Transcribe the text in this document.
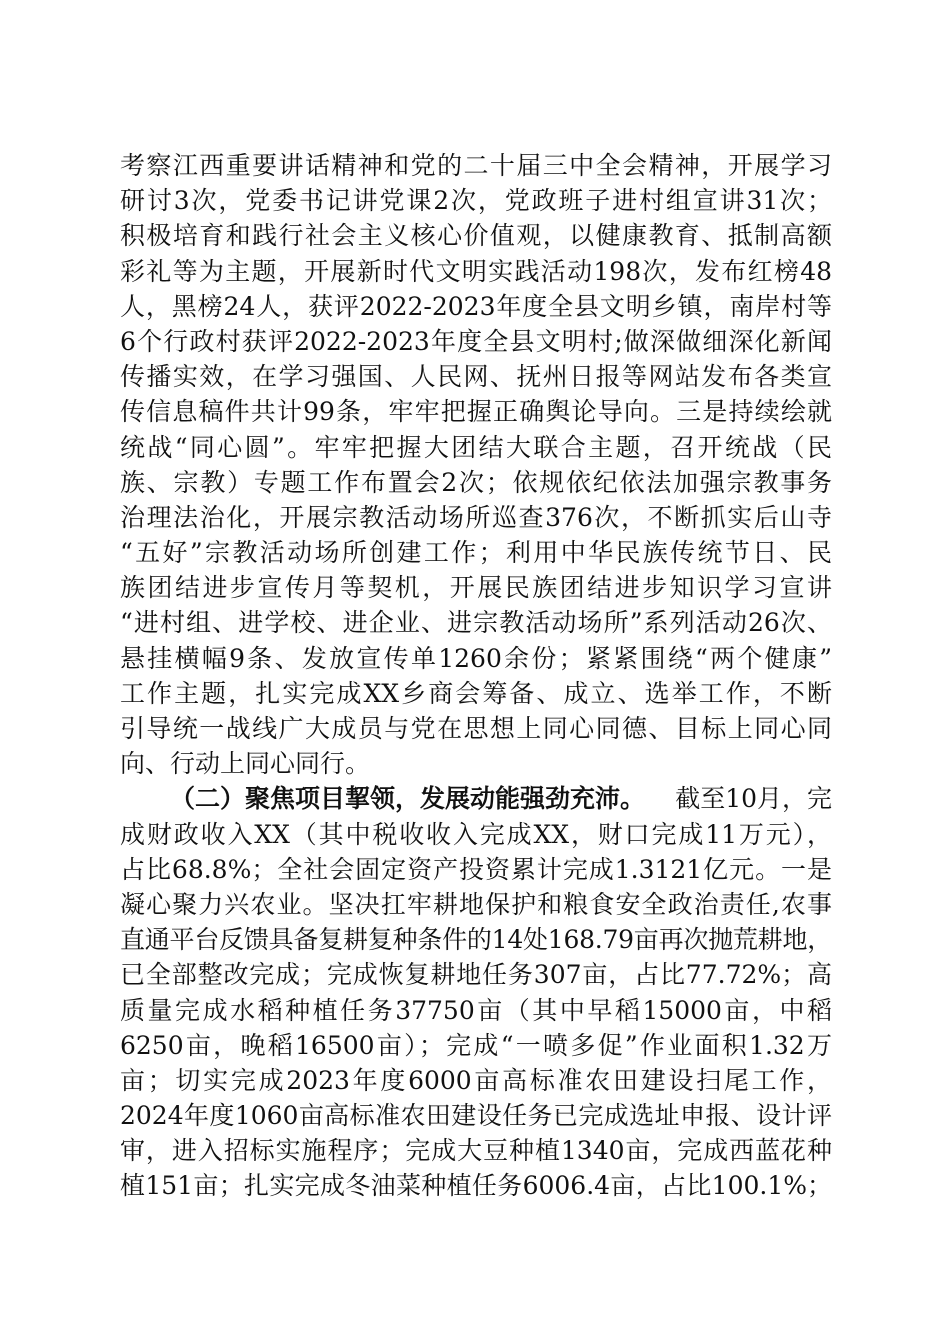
考察江西重要讲话精神和党的二十届三中全会精神，开展学习
研讨3次，党委书记讲党课2次，党政班子进村组宣讲31次；
积极培育和践行社会主义核心价值观，以健康教育、抵制高额
彩礼等为主题，开展新时代文明实践活动198次，发布红榜48
人，黑榜24人，获评2022-2023年度全县文明乡镇，南岸村等
6个行政村获评2022-2023年度全县文明村;做深做细深化新闻
传播实效，在学习强国、人民网、抚州日报等网站发布各类宣
传信息稿件共计99条，牢牢把握正确舆论导向。三是持续绘就
统战“同心圆”。牢牢把握大团结大联合主题，召开统战（民
族、宗教）专题工作布置会2次；依规依纪依法加强宗教事务
治理法治化，开展宗教活动场所巡查376次，不断抓实后山寺
“五好”宗教活动场所创建工作；利用中华民族传统节日、民
族团结进步宣传月等契机，开展民族团结进步知识学习宣讲
“进村组、进学校、进企业、进宗教活动场所”系列活动26次、
悬挂横幅9条、发放宣传单1260余份；紧紧围绕“两个健康”
工作主题，扎实完成XX乡商会筹备、成立、选举工作，不断
引导统一战线广大成员与党在思想上同心同德、目标上同心同
向、行动上同心同行。
（二）聚焦项目挈领，发展动能强劲充沛。 截至10月，完
成财政收入XX（其中税收收入完成XX，财口完成11万元），
占比68.8%；全社会固定资产投资累计完成1.3121亿元。一是
凝心聚力兴农业。坚决扛牢耕地保护和粮食安全政治责任,农事
直通平台反馈具备复耕复种条件的14处168.79亩再次抛荒耕地，
已全部整改完成；完成恢复耕地任务307亩，占比77.72%；高
质量完成水稻种植任务37750亩（其中早稻15000亩，中稻
6250亩，晚稻16500亩）；完成“一喷多促”作业面积1.32万
亩；切实完成2023年度6000亩高标准农田建设扫尾工作，
2024年度1060亩高标准农田建设任务已完成选址申报、设计评
审，进入招标实施程序；完成大豆种植1340亩，完成西蓝花种
植151亩；扎实完成冬油菜种植任务6006.4亩，占比100.1%；
